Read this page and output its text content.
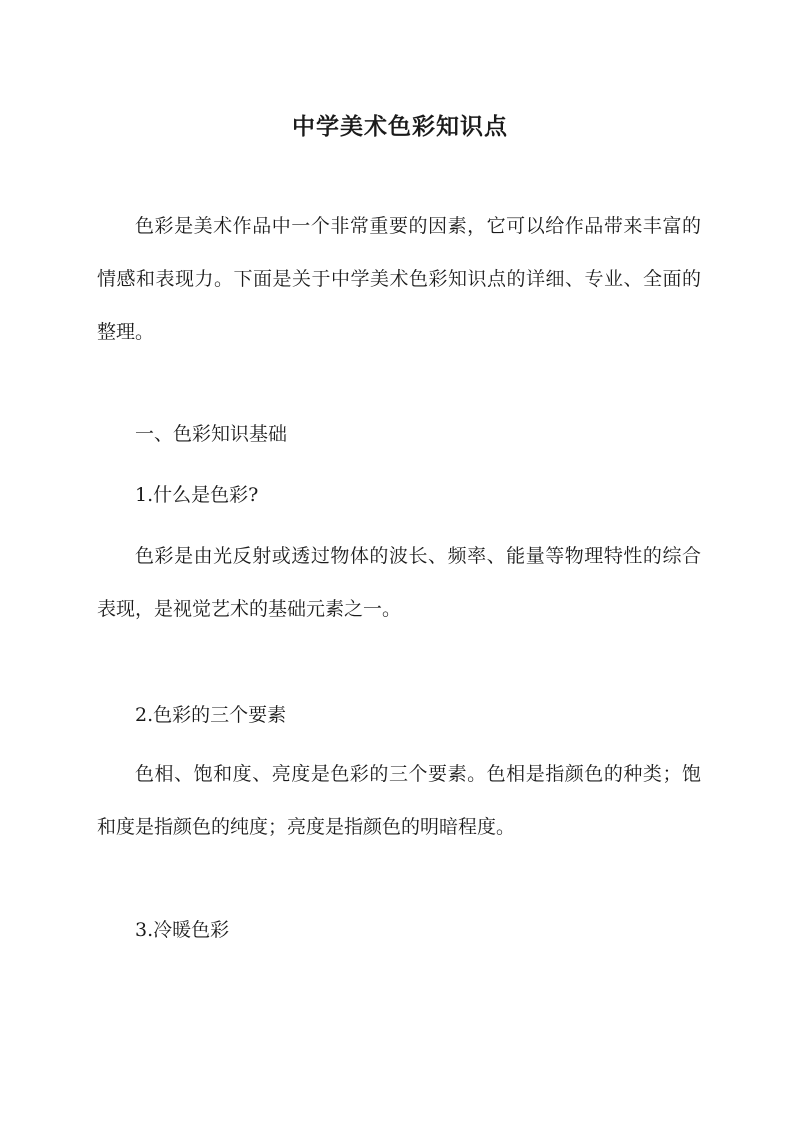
中学美术色彩知识点

色彩是美术作品中一个非常重要的因素，它可以给作品带来丰富的情感和表现力。下面是关于中学美术色彩知识点的详细、专业、全面的整理。

一、色彩知识基础
1.什么是色彩?

色彩是由光反射或透过物体的波长、频率、能量等物理特性的综合表现，是视觉艺术的基础元素之一。

2.色彩的三个要素

色相、饱和度、亮度是色彩的三个要素。色相是指颜色的种类；饱和度是指颜色的纯度；亮度是指颜色的明暗程度。

3.冷暖色彩
